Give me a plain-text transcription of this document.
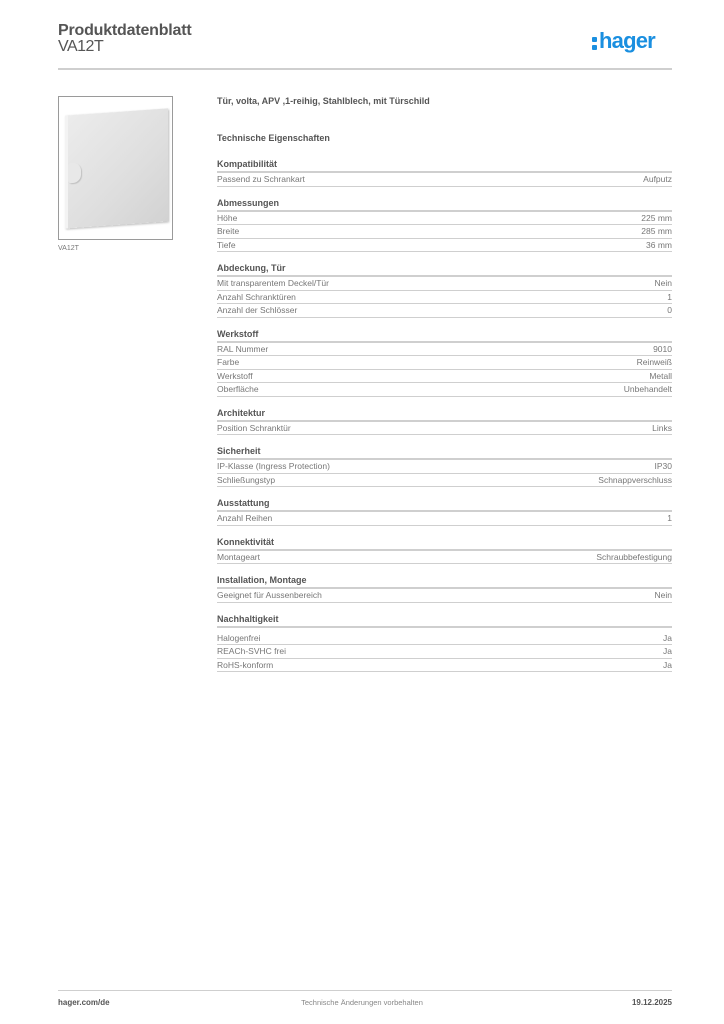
Produktdatenblatt
VA12T	hager
VA12T
Tür, volta, APV ,1-reihig, Stahlblech, mit Türschild
Technische Eigenschaften
Kompatibilität
Passend zu Schrankart	Aufputz
Abmessungen
Höhe	225 mm
Breite	285 mm
Tiefe	36 mm
Abdeckung, Tür
Mit transparentem Deckel/Tür	Nein
Anzahl Schranktüren	1
Anzahl der Schlösser	0
Werkstoff
RAL Nummer	9010
Farbe	Reinweiß
Werkstoff	Metall
Oberfläche	Unbehandelt
Architektur
Position Schranktür	Links
Sicherheit
IP-Klasse (Ingress Protection)	IP30
Schließungstyp	Schnappverschluss
Ausstattung
Anzahl Reihen	1
Konnektivität
Montageart	Schraubbefestigung
Installation, Montage
Geeignet für Aussenbereich	Nein
Nachhaltigkeit
Halogenfrei	Ja
REACh-SVHC frei	Ja
RoHS-konform	Ja
hager.com/de	Technische Änderungen vorbehalten	19.12.2025
